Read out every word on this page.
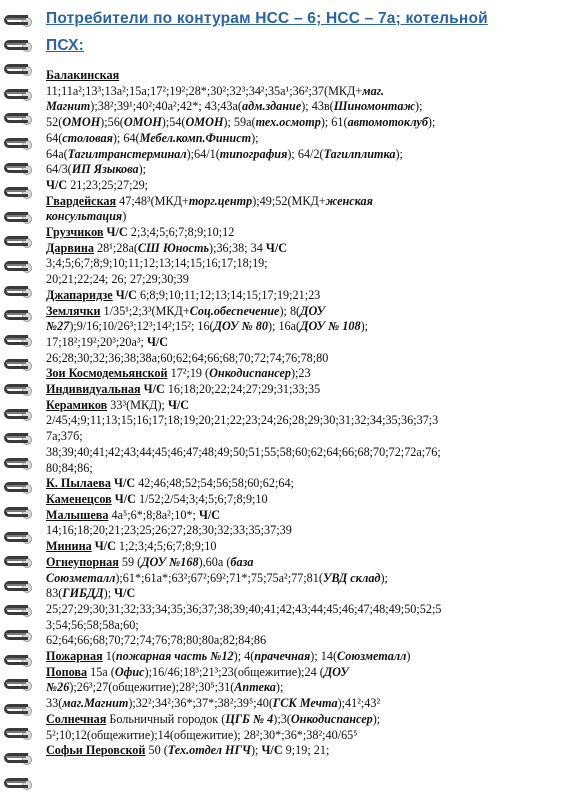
Потребители по контурам НСС – 6; НСС – 7а; котельной
ПСХ:
Балакинская
11;11а²;13³;13а²;15а;17²;19²;28*;30²;32³;34²;35а¹;36²;37(МКД+маг.
Магнит);38²;39¹;40²;40а²;42*; 43;43а(адм.здание); 43в(Шиномонтаж);
52(ОМОН);56(ОМОН);54(ОМОН); 59а(тех.осмотр); 61(автомотоклуб);
64(столовая); 64(Мебел.комп.Финист);
64а(Тагилтранстерминал);64/1(типография); 64/2(Тагилплитка);
64/3(ИП Языкова);
Ч/С 21;23;25;27;29;
Гвардейская 47;48³(МКД+торг.центр);49;52(МКД+женская
консультация)
Грузчиков Ч/С 2;3;4;5;6;7;8;9;10;12
Дарвина 28¹;28а(СШ Юность);36;38; 34 Ч/С
3;4;5;6;7;8;9;10;11;12;13;14;15;16;17;18;19;
20;21;22;24; 26; 27;29;30;39
Джапаридзе Ч/С 6;8;9;10;11;12;13;14;15;17;19;21;23
Землячки 1/35¹;2;3³(МКД+Соц.обеспечение); 8(ДОУ
№27);9/16;10/26³;12³;14²;15²; 16(ДОУ № 80); 16а(ДОУ № 108);
17;18²;19²;20³;20а³; Ч/С
26;28;30;32;36;38;38а;60;62;64;66;68;70;72;74;76;78;80
Зои Космодемьянской 17²;19 (Онкодиспансер);23
Индивидуальная Ч/С 16;18;20;22;24;27;29;31;33;35
Керамиков 33³(МКД); Ч/С
2/45;4;9;11;13;15;16;17;18;19;20;21;22;23;24;26;28;29;30;31;32;34;35;36;37;3
7а;37б;
38;39;40;41;42;43;44;45;46;47;48;49;50;51;55;58;60;62;64;66;68;70;72;72а;76;
80;84;86;
К. Пылаева Ч/С 42;46;48;52;54;56;58;60;62;64;
Каменецсов Ч/С 1/52;2/54;3;4;5;6;7;8;9;10
Малышева 4а⁵;6*;8;8а²;10*; Ч/С
14;16;18;20;21;23;25;26;27;28;30;32;33;35;37;39
Минина Ч/С 1;2;3;4;5;6;7;8;9;10
Огнеупорная 59 (ДОУ №168),60а (база
Союзметалл);61*;61а*;63²;67²;69²;71*;75;75а²;77;81(УВД склад);
83(ГИБДД); Ч/С
25;27;29;30;31;32;33;34;35;36;37;38;39;40;41;42;43;44;45;46;47;48;49;50;52;5
3;54;56;58;58а;60;
62;64;66;68;70;72;74;76;78;80;80а;82;84;86
Пожарная 1(пожарная часть №12); 4(прачечная); 14(Союзметалл)
Попова 15а (Офис);16/46;18³;21³;23(общежитие);24 (ДОУ
№26);26³;27(общежитие);28²;30⁵;31(Аптека);
33(маг.Магнит);32²;34²;36*;37*;38²;39⁵;40(ГСК Мечта);41²;43²
Солнечная Больничный городок (ЦГБ № 4);3(Онкодиспансер);
5²;10;12(общежитие);14(общежитие); 28²;30*;36*;38²;40/65⁵
Софьи Перовской 50 (Тех.отдел НГЧ); Ч/С 9;19; 21;
